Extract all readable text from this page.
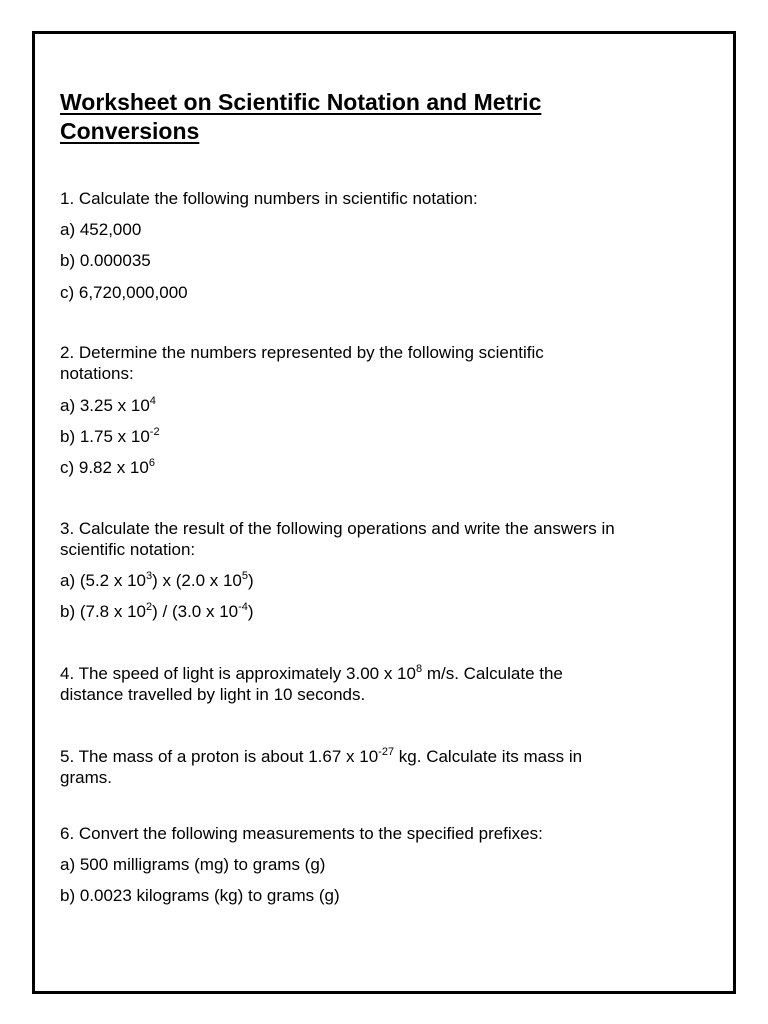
Worksheet on Scientific Notation and Metric Conversions

1. Calculate the following numbers in scientific notation:

a) 452,000

b) 0.000035

c) 6,720,000,000

2. Determine the numbers represented by the following scientific notations:

a) 3.25 x $10^4$

b) 1.75 x $10^{-2}$

c) 9.82 x $10^6$

3. Calculate the result of the following operations and write the answers in scientific notation:

a) (5.2 x $10^3$) x (2.0 x $10^5$)

b) (7.8 x $10^2) / (3.0$ x $10^{-4}$)

4. The speed of light is approximately 3.00 x $10^8$ m/s. Calculate the distance travelled by light in 10 seconds.

5. The mass of a proton is about 1.67 x $10^{-27}$ kg. Calculate its mass in grams.

6. Convert the following measurements to the specified prefixes:

a) 500 milligrams (mg) to grams (g)

b) 0.0023 kilograms (kg) to grams (g)
